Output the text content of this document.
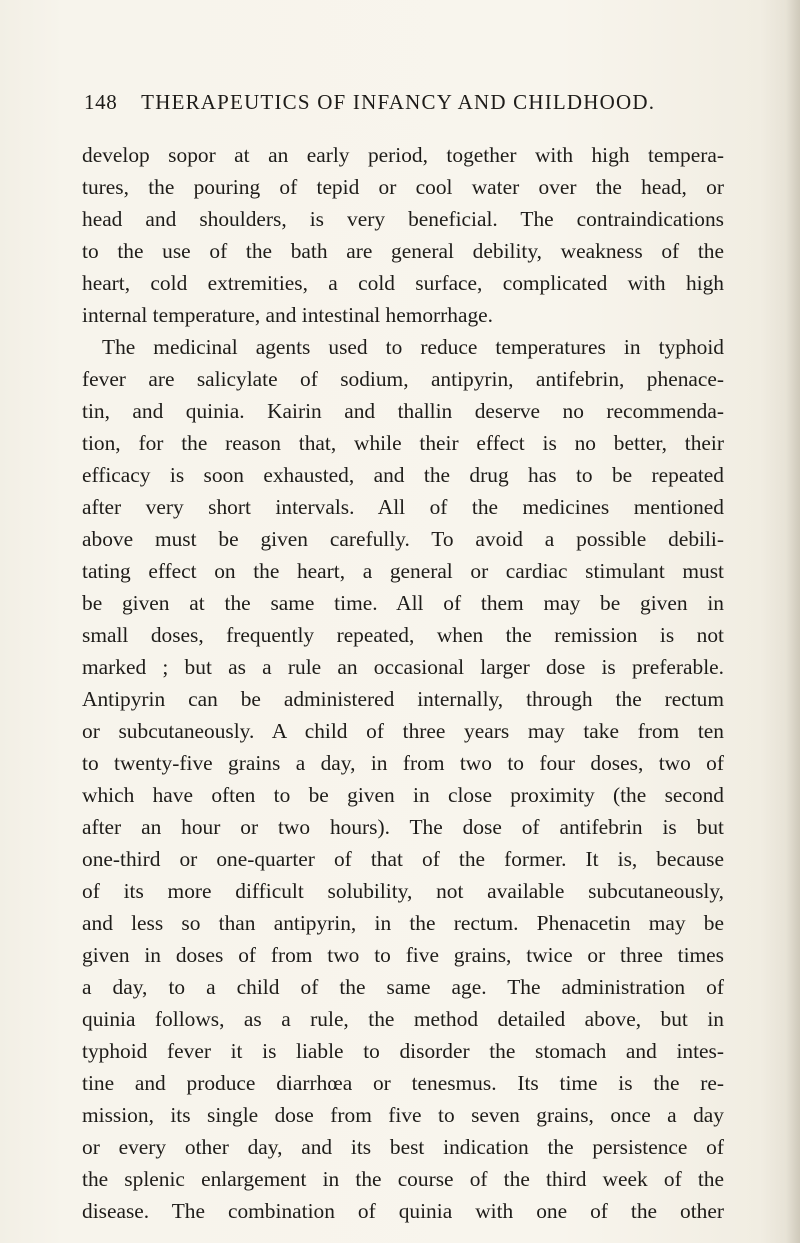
148 THERAPEUTICS OF INFANCY AND CHILDHOOD.
develop sopor at an early period, together with high tempera-
tures, the pouring of tepid or cool water over the head, or
head and shoulders, is very beneficial. The contraindications
to the use of the bath are general debility, weakness of the
heart, cold extremities, a cold surface, complicated with high
internal temperature, and intestinal hemorrhage.
The medicinal agents used to reduce temperatures in typhoid
fever are salicylate of sodium, antipyrin, antifebrin, phenace-
tin, and quinia. Kairin and thallin deserve no recommenda-
tion, for the reason that, while their effect is no better, their
efficacy is soon exhausted, and the drug has to be repeated
after very short intervals. All of the medicines mentioned
above must be given carefully. To avoid a possible debili-
tating effect on the heart, a general or cardiac stimulant must
be given at the same time. All of them may be given in
small doses, frequently repeated, when the remission is not
marked ; but as a rule an occasional larger dose is preferable.
Antipyrin can be administered internally, through the rectum
or subcutaneously. A child of three years may take from ten
to twenty-five grains a day, in from two to four doses, two of
which have often to be given in close proximity (the second
after an hour or two hours). The dose of antifebrin is but
one-third or one-quarter of that of the former. It is, because
of its more difficult solubility, not available subcutaneously,
and less so than antipyrin, in the rectum. Phenacetin may be
given in doses of from two to five grains, twice or three times
a day, to a child of the same age. The administration of
quinia follows, as a rule, the method detailed above, but in
typhoid fever it is liable to disorder the stomach and intes-
tine and produce diarrhœa or tenesmus. Its time is the re-
mission, its single dose from five to seven grains, once a day
or every other day, and its best indication the persistence of
the splenic enlargement in the course of the third week of the
disease. The combination of quinia with one of the other
